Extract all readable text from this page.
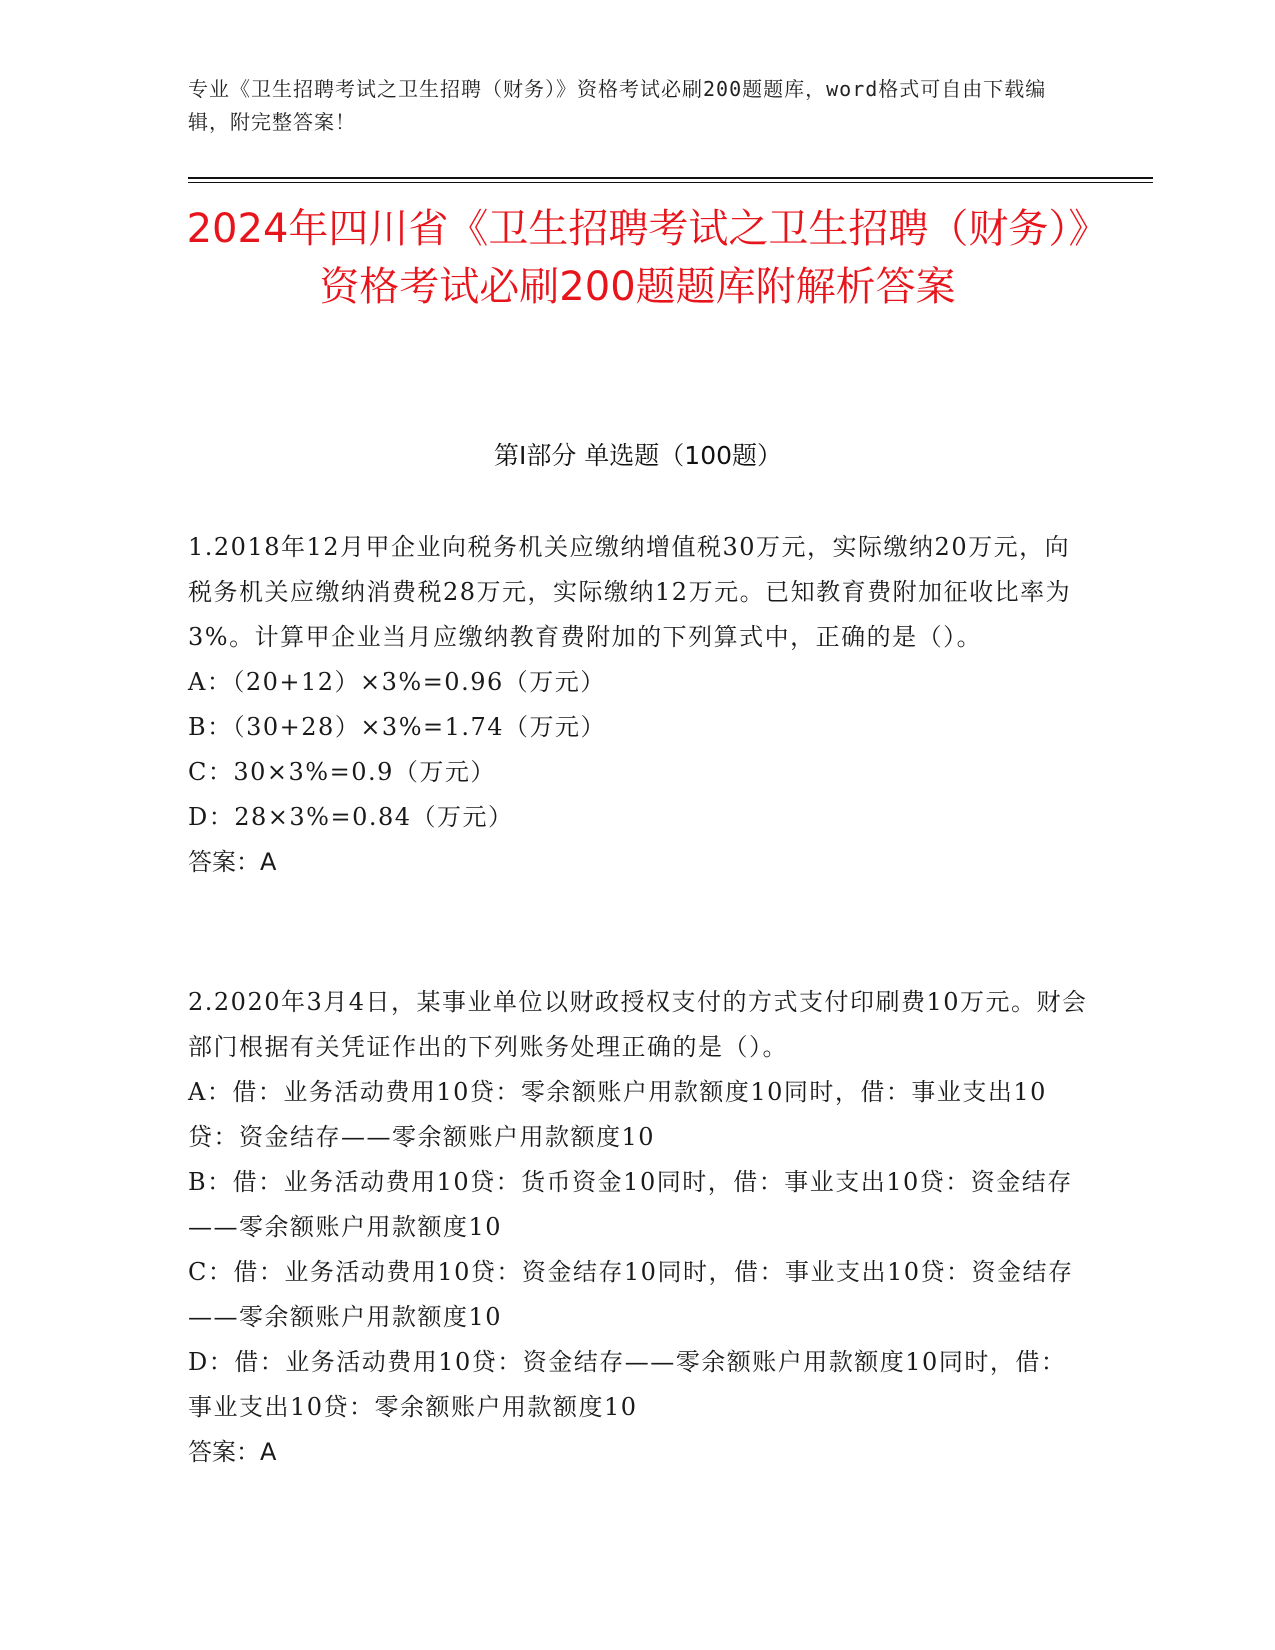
专业《卫生招聘考试之卫生招聘（财务）》资格考试必刷200题题库，word格式可自由下载编辑，附完整答案！
2024年四川省《卫生招聘考试之卫生招聘（财务）》资格考试必刷200题题库附解析答案
第I部分 单选题（100题）

1.2018年12月甲企业向税务机关应缴纳增值税30万元，实际缴纳20万元，向税务机关应缴纳消费税28万元，实际缴纳12万元。已知教育费附加征收比率为3%。计算甲企业当月应缴纳教育费附加的下列算式中，正确的是（）。

A：（20+12）×3%=0.96（万元）

B：（30+28）×3%=1.74（万元）

C：30×3%=0.9（万元）

D：28×3%=0.84（万元）

答案：A

2.2020年3月4日，某事业单位以财政授权支付的方式支付印刷费10万元。财会部门根据有关凭证作出的下列账务处理正确的是（）。

A：借：业务活动费用10贷：零余额账户用款额度10同时，借：事业支出10贷：资金结存——零余额账户用款额度10

B：借：业务活动费用10贷：货币资金10同时，借：事业支出10贷：资金结存——零余额账户用款额度10

C：借：业务活动费用10贷：资金结存10同时，借：事业支出10贷：资金结存——零余额账户用款额度10

D：借：业务活动费用10贷：资金结存——零余额账户用款额度10同时，借：事业支出10贷：零余额账户用款额度10

答案：A
